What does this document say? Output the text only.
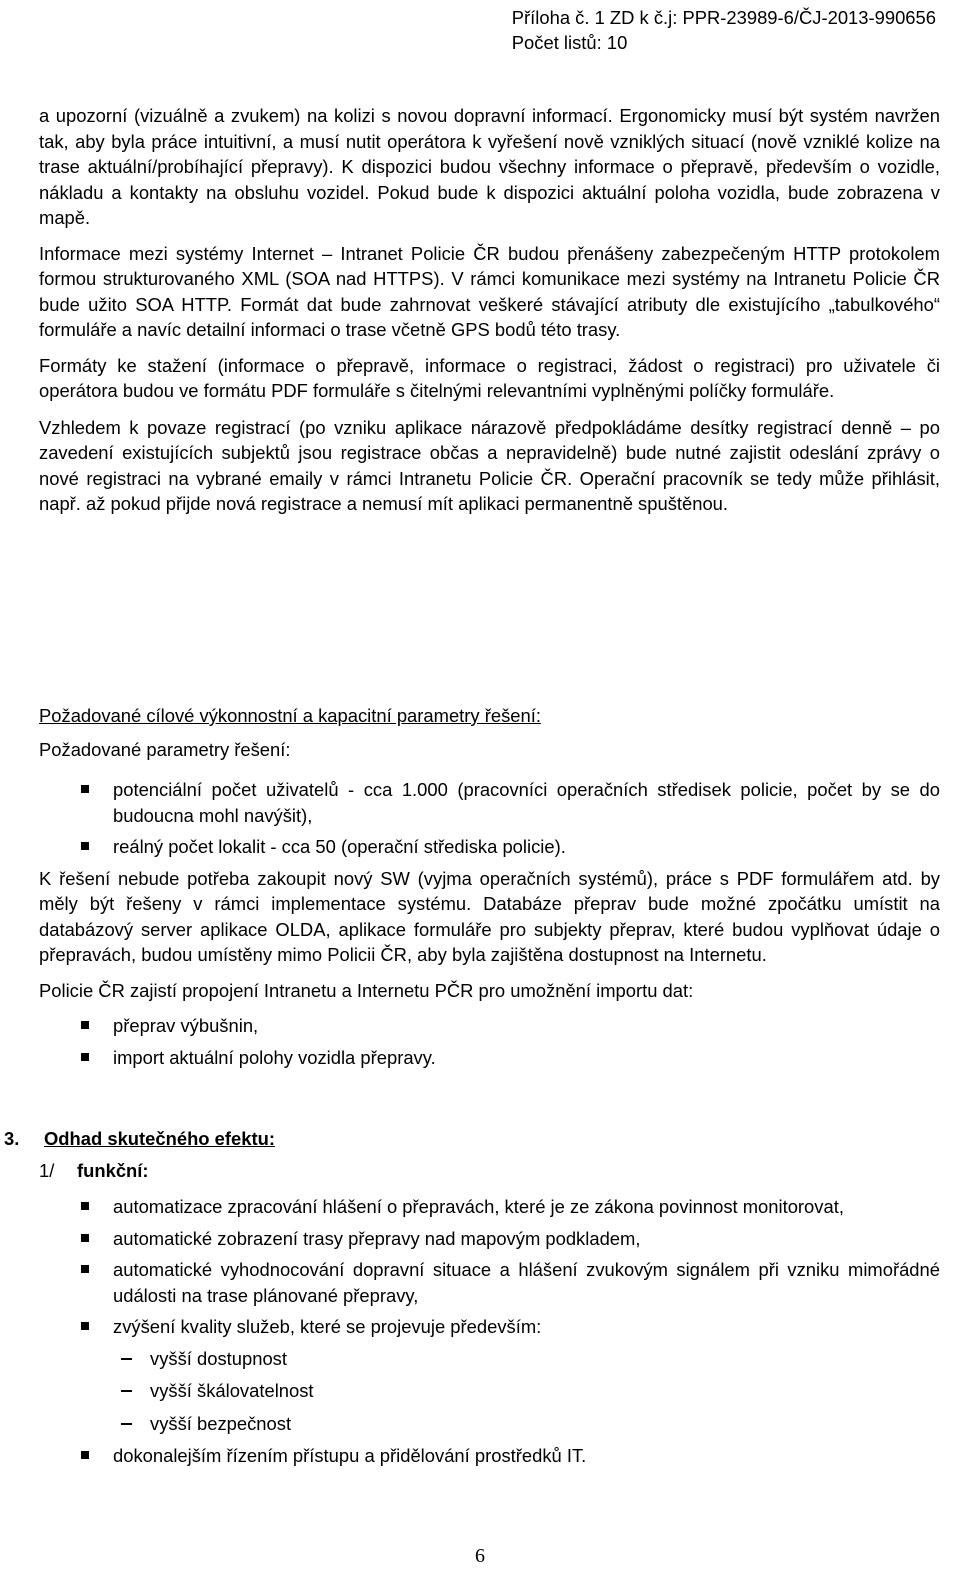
Příloha č. 1 ZD k č.j: PPR-23989-6/ČJ-2013-990656
Počet listů: 10

a upozorní (vizuálně a zvukem) na kolizi s novou dopravní informací. Ergonomicky musí být systém navržen tak, aby byla práce intuitivní, a musí nutit operátora k vyřešení nově vzniklých situací (nově vzniklé kolize na trase aktuální/probíhající přepravy). K dispozici budou všechny informace o přepravě, především o vozidle, nákladu a kontakty na obsluhu vozidel. Pokud bude k dispozici aktuální poloha vozidla, bude zobrazena v mapě.

Informace mezi systémy Internet – Intranet Policie ČR budou přenášeny zabezpečeným HTTP protokolem formou strukturovaného XML (SOA nad HTTPS). V rámci komunikace mezi systémy na Intranetu Policie ČR bude užito SOA HTTP. Formát dat bude zahrnovat veškeré stávající atributy dle existujícího „tabulkového“ formuláře a navíc detailní informaci o trase včetně GPS bodů této trasy.

Formáty ke stažení (informace o přepravě, informace o registraci, žádost o registraci) pro uživatele či operátora budou ve formátu PDF formuláře s čitelnými relevantními vyplněnými políčky formuláře.

Vzhledem k povaze registrací (po vzniku aplikace nárazově předpokládáme desítky registrací denně – po zavedení existujících subjektů jsou registrace občas a nepravidelně) bude nutné zajistit odeslání zprávy o nové registraci na vybrané emaily v rámci Intranetu Policie ČR. Operační pracovník se tedy může přihlásit, např. až pokud přijde nová registrace a nemusí mít aplikaci permanentně spuštěnou.

Požadované cílové výkonnostní a kapacitní parametry řešení:
Požadované parametry řešení:
potenciální počet uživatelů - cca 1.000 (pracovníci operačních středisek policie, počet by se do budoucna mohl navýšit),
reálný počet lokalit - cca 50 (operační střediska policie).

K řešení nebude potřeba zakoupit nový SW (vyjma operačních systémů), práce s PDF formulářem atd. by měly být řešeny v rámci implementace systému. Databáze přeprav bude možné zpočátku umístit na databázový server aplikace OLDA, aplikace formuláře pro subjekty přeprav, které budou vyplňovat údaje o přepravách, budou umístěny mimo Policii ČR, aby byla zajištěna dostupnost na Internetu.

Policie ČR zajistí propojení Intranetu a Internetu PČR pro umožnění importu dat:

přeprav výbušnin,
import aktuální polohy vozidla přepravy.
3.	Odhad skutečného efektu:
1/	funkční:
automatizace zpracování hlášení o přepravách, které je ze zákona povinnost monitorovat,
automatické zobrazení trasy přepravy nad mapovým podkladem,
automatické vyhodnocování dopravní situace a hlášení zvukovým signálem při vzniku mimořádné události na trase plánované přepravy,
zvýšení kvality služeb, které se projevuje především:
vyšší dostupnost
vyšší škálovatelnost
vyšší bezpečnost
dokonalejším řízením přístupu a přidělování prostředků IT.
6
